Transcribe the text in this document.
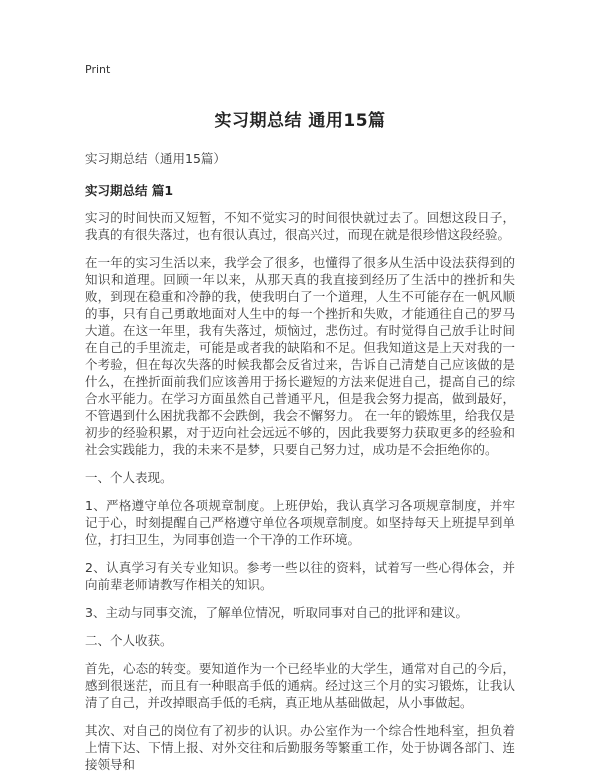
Print
实习期总结 通用15篇

实习期总结（通用15篇）

实习期总结 篇1

实习的时间快而又短暂，不知不觉实习的时间很快就过去了。回想这段日子，我真的有很失落过，也有很认真过，很高兴过，而现在就是很珍惜这段经验。

在一年的实习生活以来，我学会了很多，也懂得了很多从生活中设法获得到的知识和道理。回顾一年以来，从那天真的我直接到经历了生活中的挫折和失败，到现在稳重和冷静的我，使我明白了一个道理，人生不可能存在一帆风顺的事，只有自己勇敢地面对人生中的每一个挫折和失败，才能通往自己的罗马大道。在这一年里，我有失落过，烦恼过，悲伤过。有时觉得自己放手让时间在自己的手里流走，可能是或者我的缺陷和不足。但我知道这是上天对我的一个考验，但在每次失落的时候我都会反省过来，告诉自己清楚自己应该做的是什么，在挫折面前我们应该善用于扬长避短的方法来促进自己，提高自己的综合水平能力。在学习方面虽然自己普通平凡，但是我会努力提高，做到最好，不管遇到什么困扰我都不会跌倒，我会不懈努力。 在一年的锻炼里，给我仅是初步的经验积累，对于迈向社会远远不够的，因此我要努力获取更多的经验和社会实践能力，我的未来不是梦，只要自己努力过，成功是不会拒绝你的。

一、个人表现。

1、严格遵守单位各项规章制度。上班伊始，我认真学习各项规章制度，并牢记于心，时刻提醒自己严格遵守单位各项规章制度。如坚持每天上班提早到单位，打扫卫生，为同事创造一个干净的工作环境。

2、认真学习有关专业知识。参考一些以往的资料，试着写一些心得体会，并向前辈老师请教写作相关的知识。

3、主动与同事交流，了解单位情况，听取同事对自己的批评和建议。

二、个人收获。

首先，心态的转变。要知道作为一个已经毕业的大学生，通常对自己的今后，感到很迷茫，而且有一种眼高手低的通病。经过这三个月的实习锻炼，让我认清了自己，并改掉眼高手低的毛病，真正地从基础做起，从小事做起。

其次、对自己的岗位有了初步的认识。办公室作为一个综合性地科室，担负着上情下达、下情上报、对外交往和后勤服务等繁重工作，处于协调各部门、连接领导和
